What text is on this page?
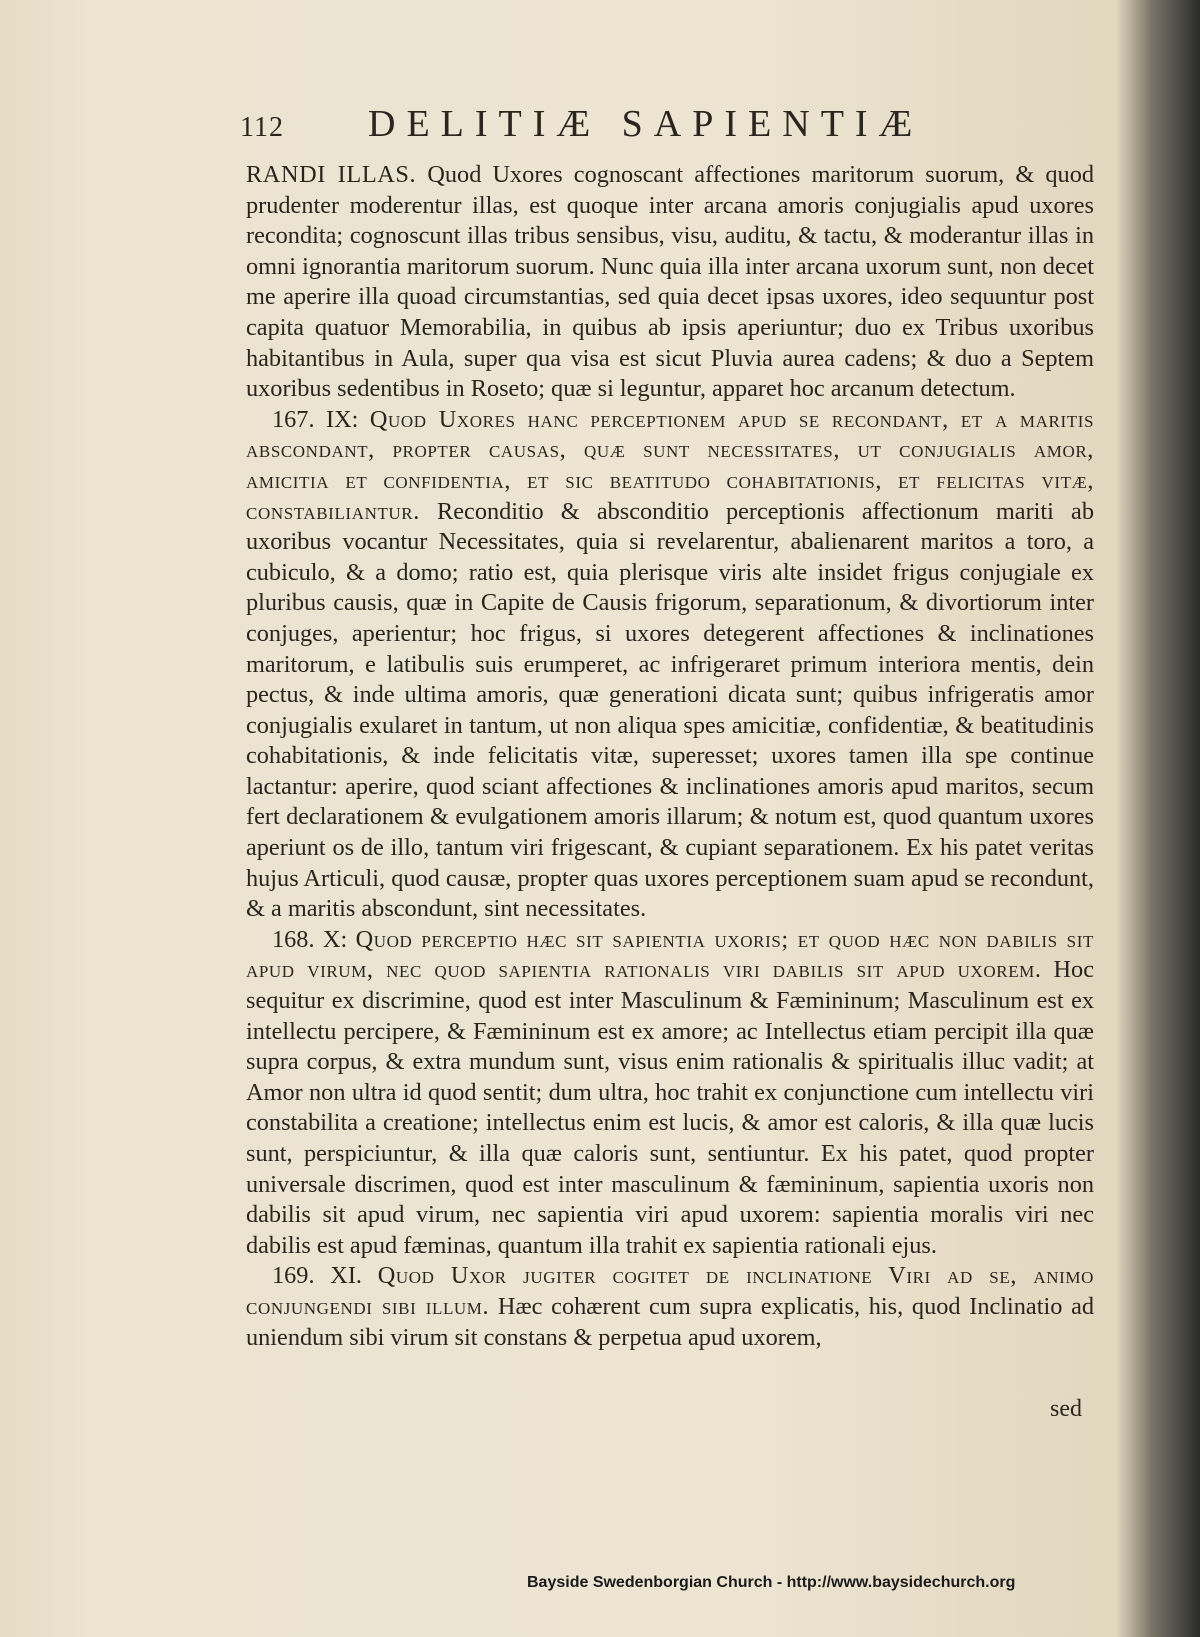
112 DELITIÆ SAPIENTIÆ

RANDI ILLAS. Quod Uxores cognoscant affectiones maritorum suorum, & quod prudenter moderentur illas, est quoque inter arcana amoris conjugialis apud uxores recondita; cognoscunt illas tribus sensibus, visu, auditu, & tactu, & moderantur illas in omni ignorantia maritorum suorum. Nunc quia illa inter arcana uxorum sunt, non decet me aperire illa quoad circumstantias, sed quia decet ipsas uxores, ideo sequuntur post capita quatuor Memorabilia, in quibus ab ipsis aperiuntur; duo ex Tribus uxoribus habitantibus in Aula, super qua visa est sicut Pluvia aurea cadens; & duo a Septem uxoribus sedentibus in Roseto; quæ si leguntur, apparet hoc arcanum detectum.

167. IX: Quod Uxores hanc perceptionem apud se recondant, et a maritis abscondant, propter causas, quæ sunt necessitates, ut conjugialis amor, amicitia et confidentia, et sic beatitudo cohabitationis, et felicitas vitæ, constabiliantur. Reconditio & absconditio perceptionis affectionum mariti ab uxoribus vocantur Necessitates, quia si revelarentur, abalienarent maritos a toro, a cubiculo, & a domo; ratio est, quia plerisque viris alte insidet frigus conjugiale ex pluribus causis, quæ in Capite de Causis frigorum, separationum, & divortiorum inter conjuges, aperientur; hoc frigus, si uxores detegerent affectiones & inclinationes maritorum, e latibulis suis erumperet, ac infrigeraret primum interiora mentis, dein pectus, & inde ultima amoris, quæ generationi dicata sunt; quibus infrigeratis amor conjugialis exularet in tantum, ut non aliqua spes amicitiæ, confidentiæ, & beatitudinis cohabitationis, & inde felicitatis vitæ, superesset; uxores tamen illa spe continue lactantur: aperire, quod sciant affectiones & inclinationes amoris apud maritos, secum fert declarationem & evulgationem amoris illarum; & notum est, quod quantum uxores aperiunt os de illo, tantum viri frigescant, & cupiant separationem. Ex his patet veritas hujus Articuli, quod causæ, propter quas uxores perceptionem suam apud se recondunt, & a maritis abscondunt, sint necessitates.

168. X: Quod perceptio hæc sit sapientia uxoris; et quod hæc non dabilis sit apud virum, nec quod sapientia rationalis viri dabilis sit apud uxorem. Hoc sequitur ex discrimine, quod est inter Masculinum & Fæmininum; Masculinum est ex intellectu percipere, & Fæmininum est ex amore; ac Intellectus etiam percipit illa quæ supra corpus, & extra mundum sunt, visus enim rationalis & spiritualis illuc vadit; at Amor non ultra id quod sentit; dum ultra, hoc trahit ex conjunctione cum intellectu viri constabilita a creatione; intellectus enim est lucis, & amor est caloris, & illa quæ lucis sunt, perspiciuntur, & illa quæ caloris sunt, sentiuntur. Ex his patet, quod propter universale discrimen, quod est inter masculinum & fæmininum, sapientia uxoris non dabilis sit apud virum, nec sapientia viri apud uxorem: sapientia moralis viri nec dabilis est apud fæminas, quantum illa trahit ex sapientia rationali ejus.

169. XI. Quod Uxor jugiter cogitet de inclinatione Viri ad se, animo conjungendi sibi illum. Hæc cohærent cum supra explicatis, his, quod Inclinatio ad uniendum sibi virum sit constans & perpetua apud uxorem,

sed
Bayside Swedenborgian Church - http://www.baysidechurch.org
